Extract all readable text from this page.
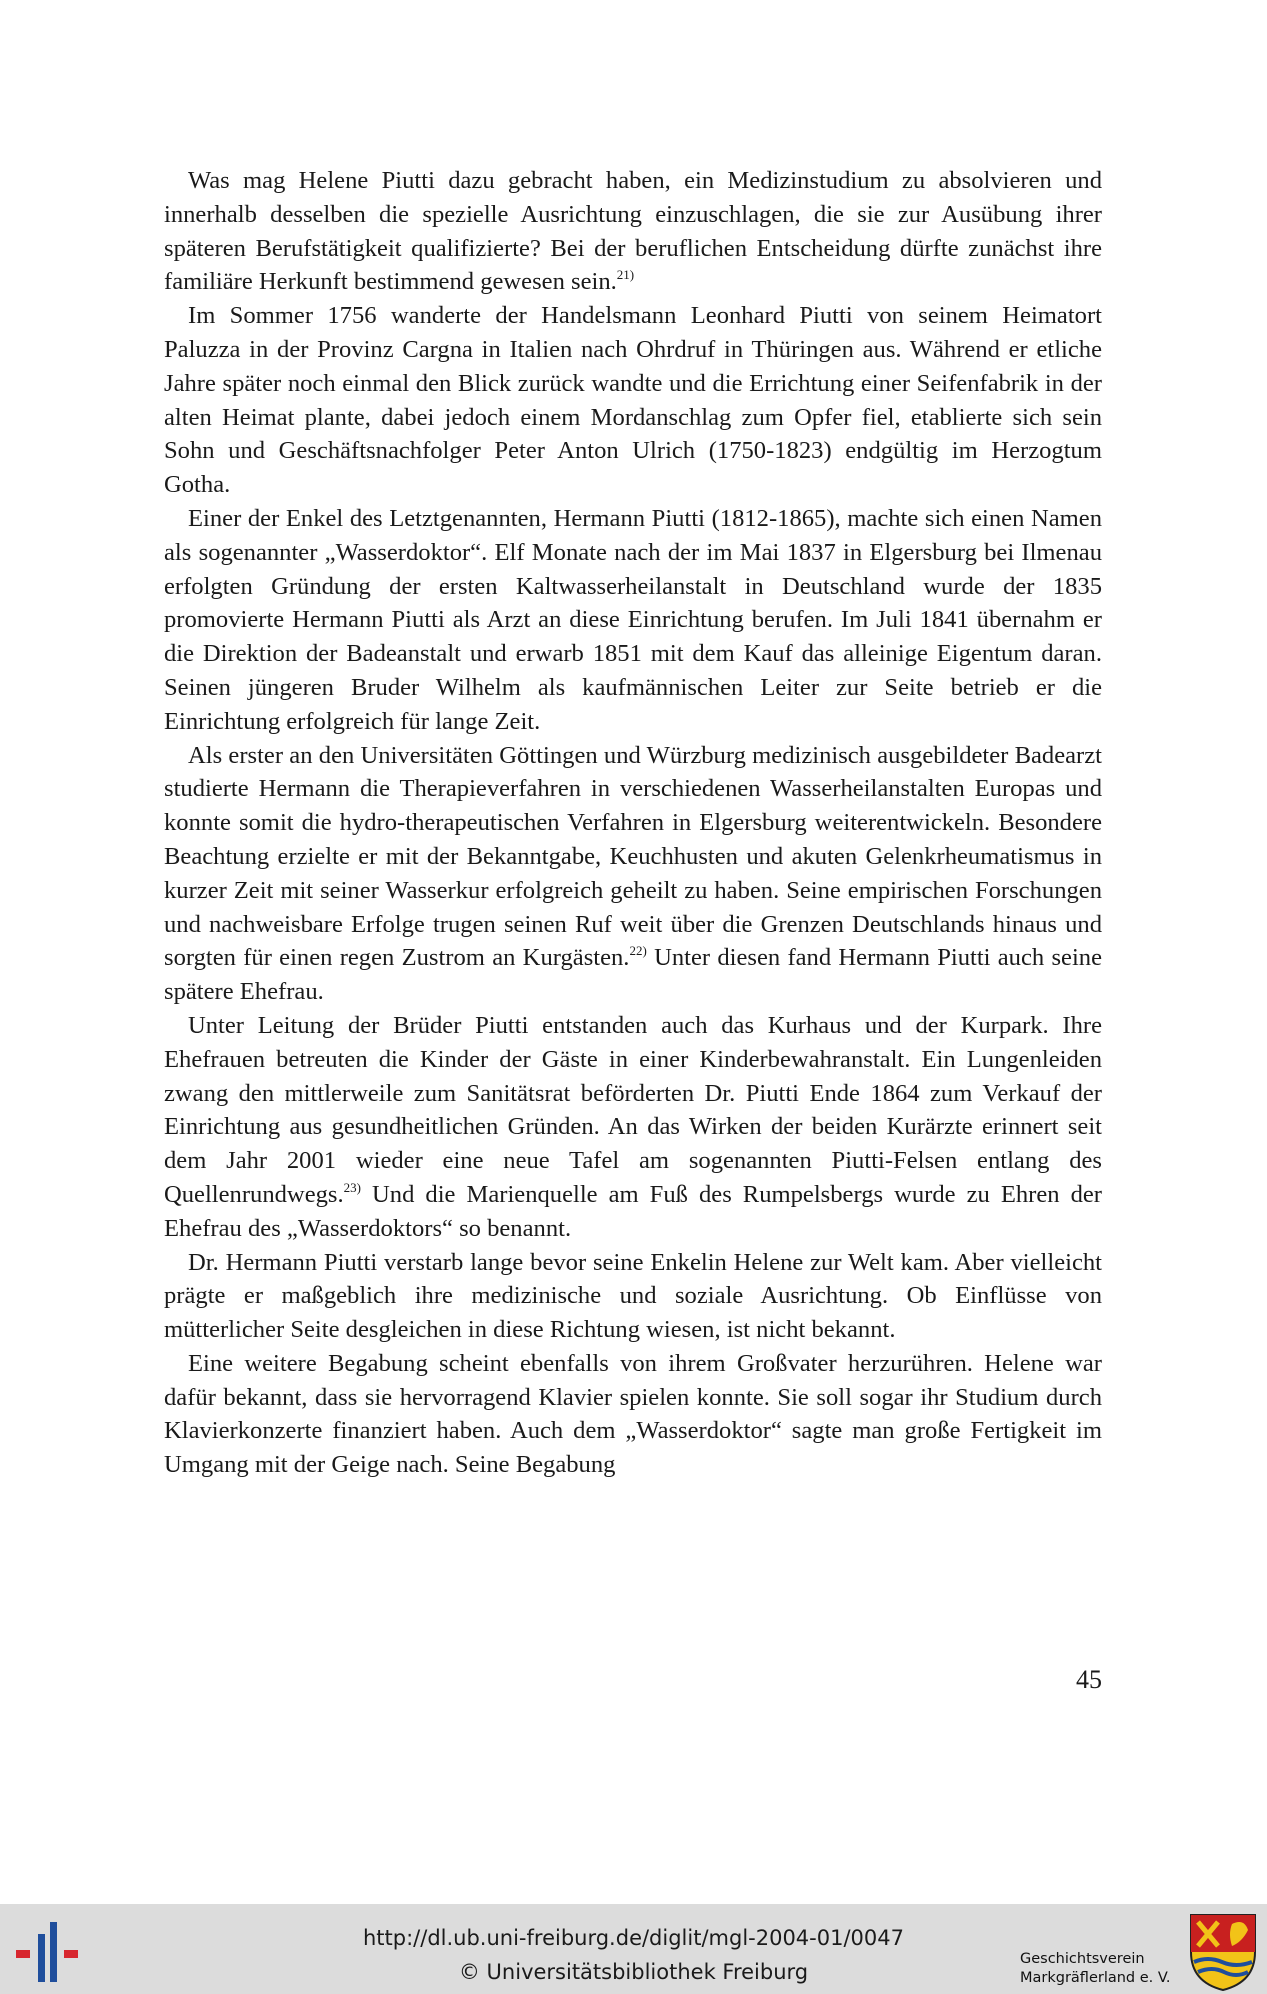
Was mag Helene Piutti dazu gebracht haben, ein Medizinstudium zu absolvieren und innerhalb desselben die spezielle Ausrichtung einzuschlagen, die sie zur Ausübung ihrer späteren Berufstätigkeit qualifizierte? Bei der beruflichen Entscheidung dürfte zunächst ihre familiäre Herkunft bestimmend gewesen sein.$^{21)}$

Im Sommer 1756 wanderte der Handelsmann Leonhard Piutti von seinem Heimatort Paluzza in der Provinz Cargna in Italien nach Ohrdruf in Thüringen aus. Während er etliche Jahre später noch einmal den Blick zurück wandte und die Errichtung einer Seifenfabrik in der alten Heimat plante, dabei jedoch einem Mordanschlag zum Opfer fiel, etablierte sich sein Sohn und Geschäftsnachfolger Peter Anton Ulrich (1750-1823) endgültig im Herzogtum Gotha.

Einer der Enkel des Letztgenannten, Hermann Piutti (1812-1865), machte sich einen Namen als sogenannter „Wasserdoktor“. Elf Monate nach der im Mai 1837 in Elgersburg bei Ilmenau erfolgten Gründung der ersten Kaltwasserheilanstalt in Deutschland wurde der 1835 promovierte Hermann Piutti als Arzt an diese Einrichtung berufen. Im Juli 1841 übernahm er die Direktion der Badeanstalt und erwarb 1851 mit dem Kauf das alleinige Eigentum daran. Seinen jüngeren Bruder Wilhelm als kaufmännischen Leiter zur Seite betrieb er die Einrichtung erfolgreich für lange Zeit.

Als erster an den Universitäten Göttingen und Würzburg medizinisch ausgebildeter Badearzt studierte Hermann die Therapieverfahren in verschiedenen Wasserheilanstalten Europas und konnte somit die hydro-therapeutischen Verfahren in Elgersburg weiterentwickeln. Besondere Beachtung erzielte er mit der Bekanntgabe, Keuchhusten und akuten Gelenkrheumatismus in kurzer Zeit mit seiner Wasserkur erfolgreich geheilt zu haben. Seine empirischen Forschungen und nachweisbare Erfolge trugen seinen Ruf weit über die Grenzen Deutschlands hinaus und sorgten für einen regen Zustrom an Kurgästen.$^{22)}$ Unter diesen fand Hermann Piutti auch seine spätere Ehefrau.

Unter Leitung der Brüder Piutti entstanden auch das Kurhaus und der Kurpark. Ihre Ehefrauen betreuten die Kinder der Gäste in einer Kinderbewahranstalt. Ein Lungenleiden zwang den mittlerweile zum Sanitätsrat beförderten Dr. Piutti Ende 1864 zum Verkauf der Einrichtung aus gesundheitlichen Gründen. An das Wirken der beiden Kurärzte erinnert seit dem Jahr 2001 wieder eine neue Tafel am sogenannten Piutti-Felsen entlang des Quellenrundwegs.$^{23)}$ Und die Marienquelle am Fuß des Rumpelsbergs wurde zu Ehren der Ehefrau des „Wasserdoktors“ so benannt.

Dr. Hermann Piutti verstarb lange bevor seine Enkelin Helene zur Welt kam. Aber vielleicht prägte er maßgeblich ihre medizinische und soziale Ausrichtung. Ob Einflüsse von mütterlicher Seite desgleichen in diese Richtung wiesen, ist nicht bekannt.

Eine weitere Begabung scheint ebenfalls von ihrem Großvater herzurühren. Helene war dafür bekannt, dass sie hervorragend Klavier spielen konnte. Sie soll sogar ihr Studium durch Klavierkonzerte finanziert haben. Auch dem „Wasserdoktor“ sagte man große Fertigkeit im Umgang mit der Geige nach. Seine Begabung

45
http://dl.ub.uni-freiburg.de/diglit/mgl-2004-01/0047
© Universitätsbibliothek Freiburg
Geschichtsverein
Markgräflerland e. V.
